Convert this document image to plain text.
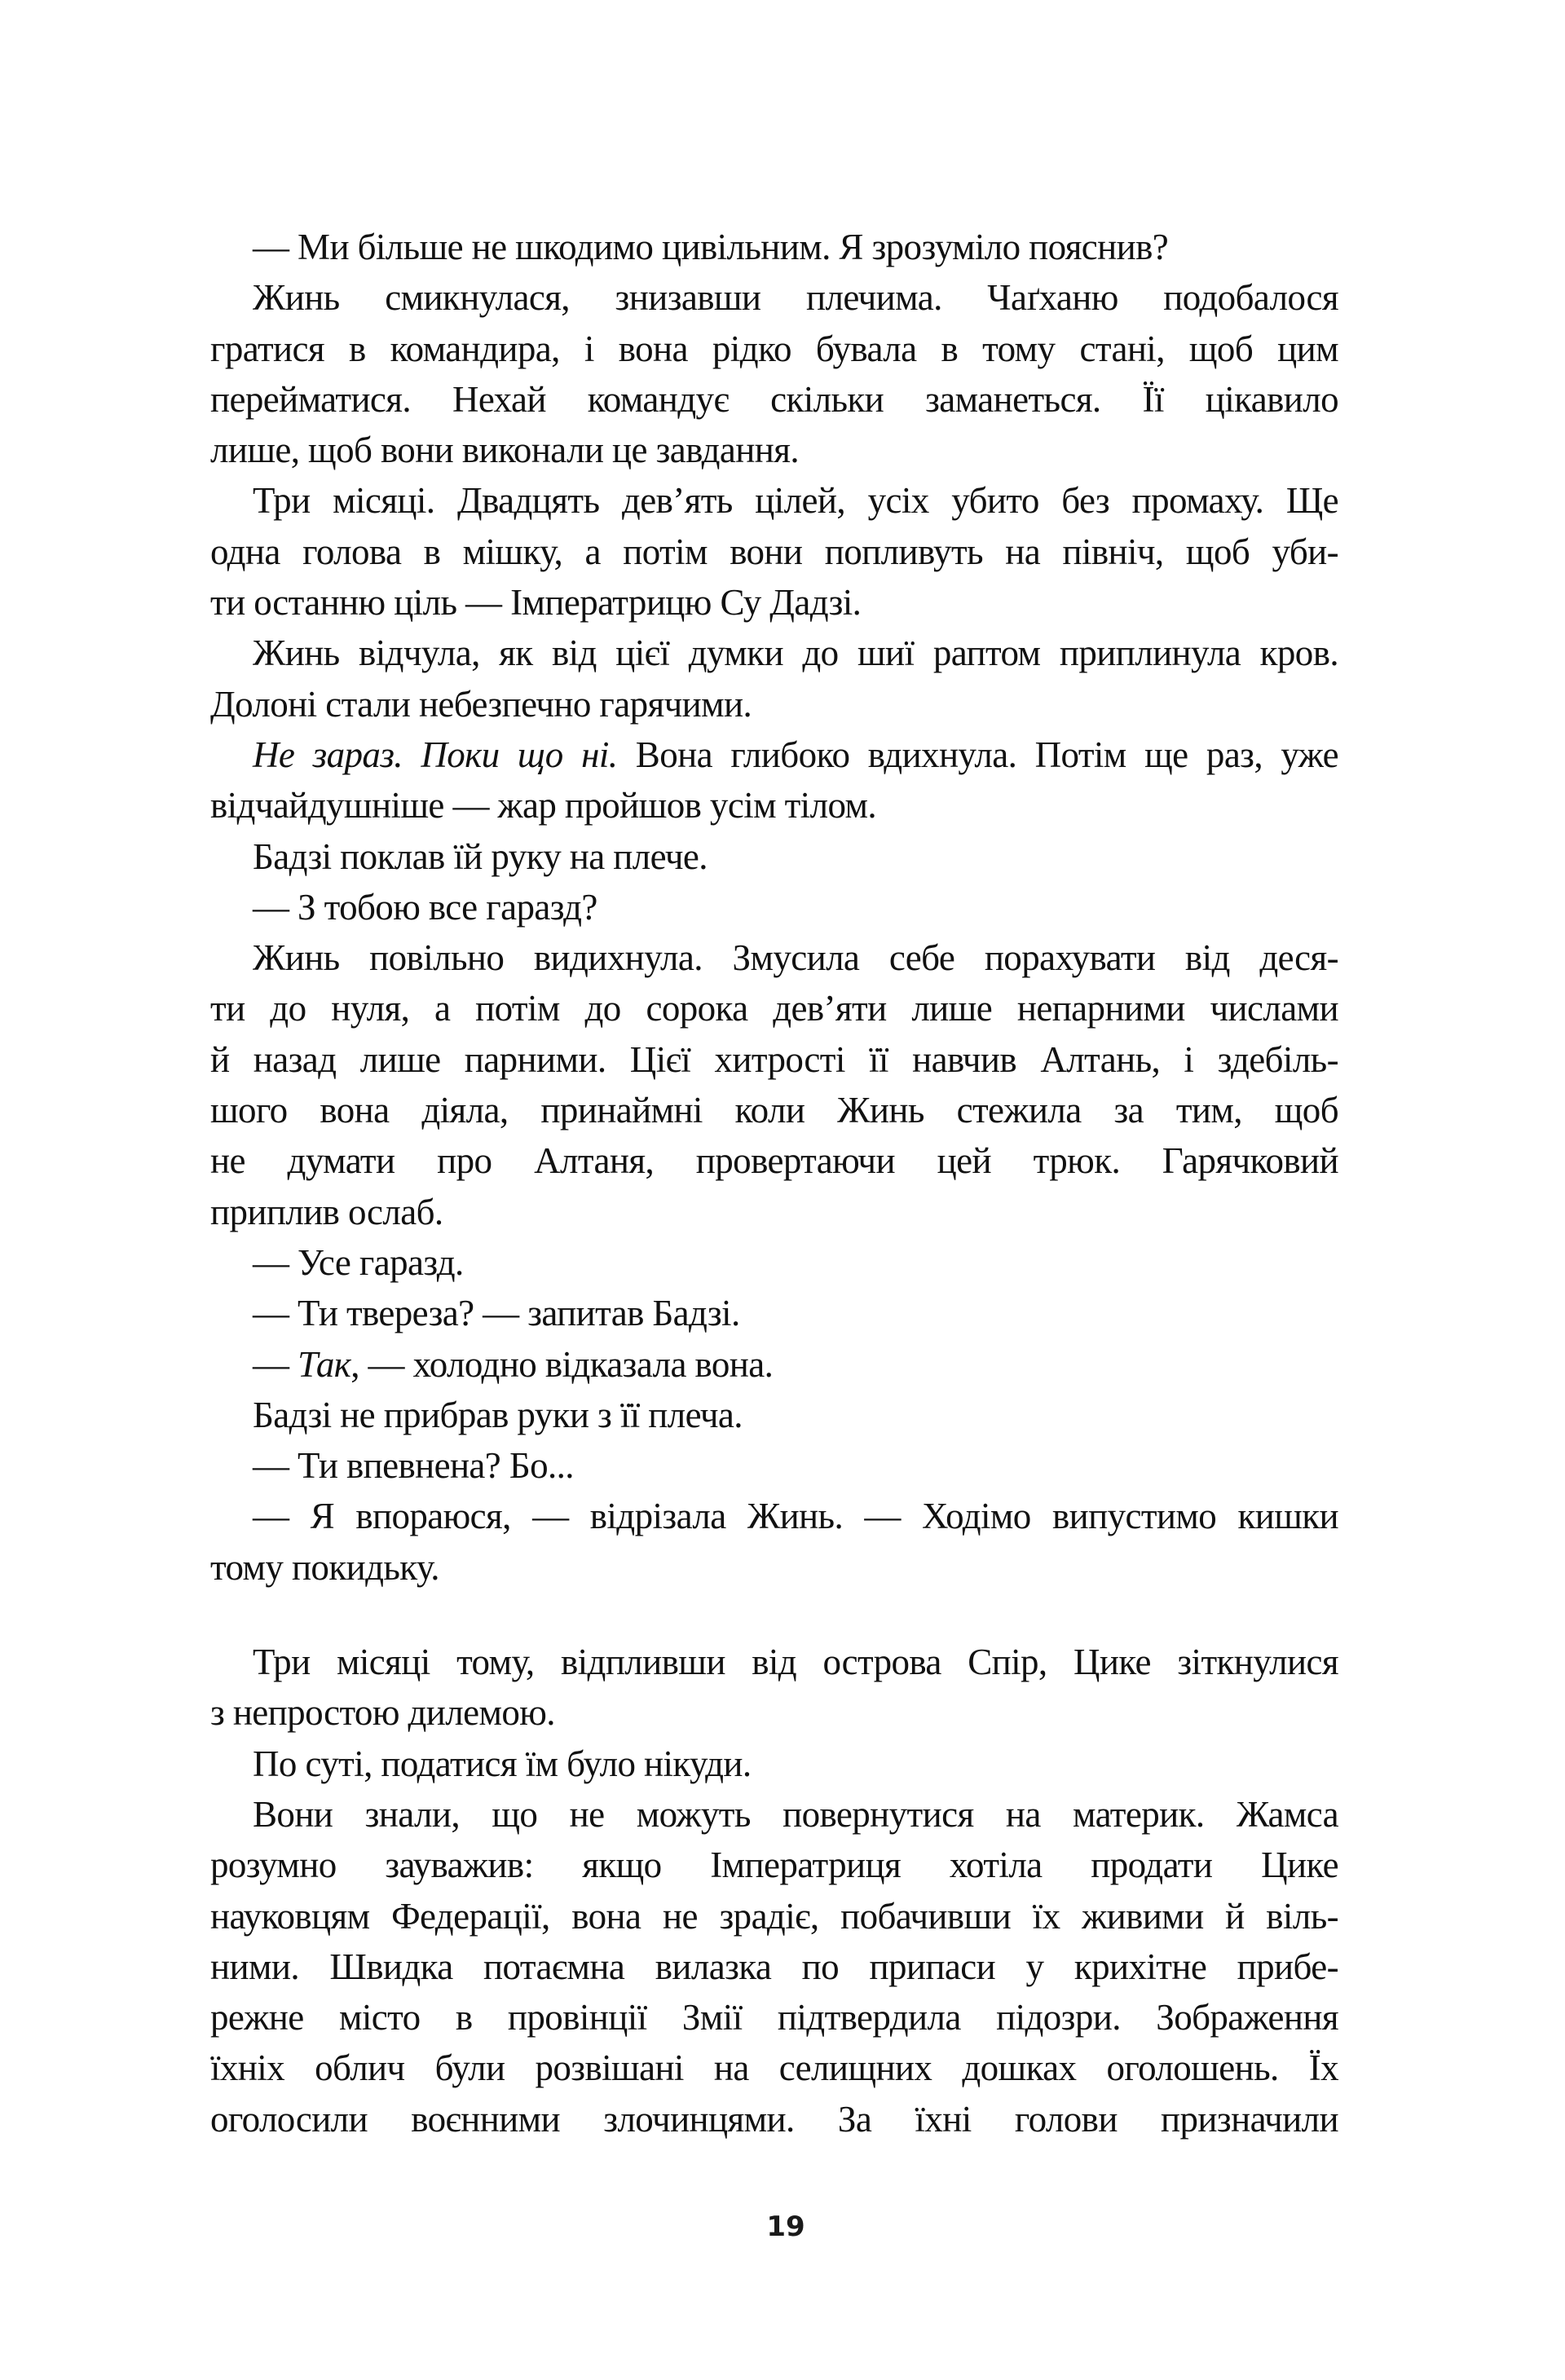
— Ми більше не шкодимо цивільним. Я зрозуміло пояснив?
Жинь смикнулася, знизавши плечима. Чаґханю подобалося
гратися в командира, і вона рідко бувала в тому стані, щоб цим
перейматися. Нехай командує скільки заманеться. Її цікавило
лише, щоб вони виконали це завдання.
Три місяці. Двадцять дев’ять цілей, усіх убито без промаху. Ще
одна голова в мішку, а потім вони попливуть на північ, щоб уби-
ти останню ціль — Імператрицю Су Дадзі.
Жинь відчула, як від цієї думки до шиї раптом приплинула кров.
Долоні стали небезпечно гарячими.
Не зараз. Поки що ні. Вона глибоко вдихнула. Потім ще раз, уже
відчайдушніше — жар пройшов усім тілом.
Бадзі поклав їй руку на плече.
— З тобою все гаразд?
Жинь повільно видихнула. Змусила себе порахувати від деся-
ти до нуля, а потім до сорока дев’яти лише непарними числами
й назад лише парними. Цієї хитрості її навчив Алтань, і здебіль-
шого вона діяла, принаймні коли Жинь стежила за тим, щоб
не думати про Алтаня, провертаючи цей трюк. Гарячковий
приплив ослаб.
— Усе гаразд.
— Ти твереза? — запитав Бадзі.
— Так, — холодно відказала вона.
Бадзі не прибрав руки з її плеча.
— Ти впевнена? Бо...
— Я впораюся, — відрізала Жинь. — Ходімо випустимо кишки
тому покидьку.
Три місяці тому, відпливши від острова Спір, Цике зіткнулися
з непростою дилемою.
По суті, податися їм було нікуди.
Вони знали, що не можуть повернутися на материк. Жамса
розумно зауважив: якщо Імператриця хотіла продати Цике
науковцям Федерації, вона не зрадіє, побачивши їх живими й віль-
ними. Швидка потаємна вилазка по припаси у крихітне прибе-
режне місто в провінції Змії підтвердила підозри. Зображення
їхніх облич були розвішані на селищних дошках оголошень. Їх
оголосили воєнними злочинцями. За їхні голови призначили
19
